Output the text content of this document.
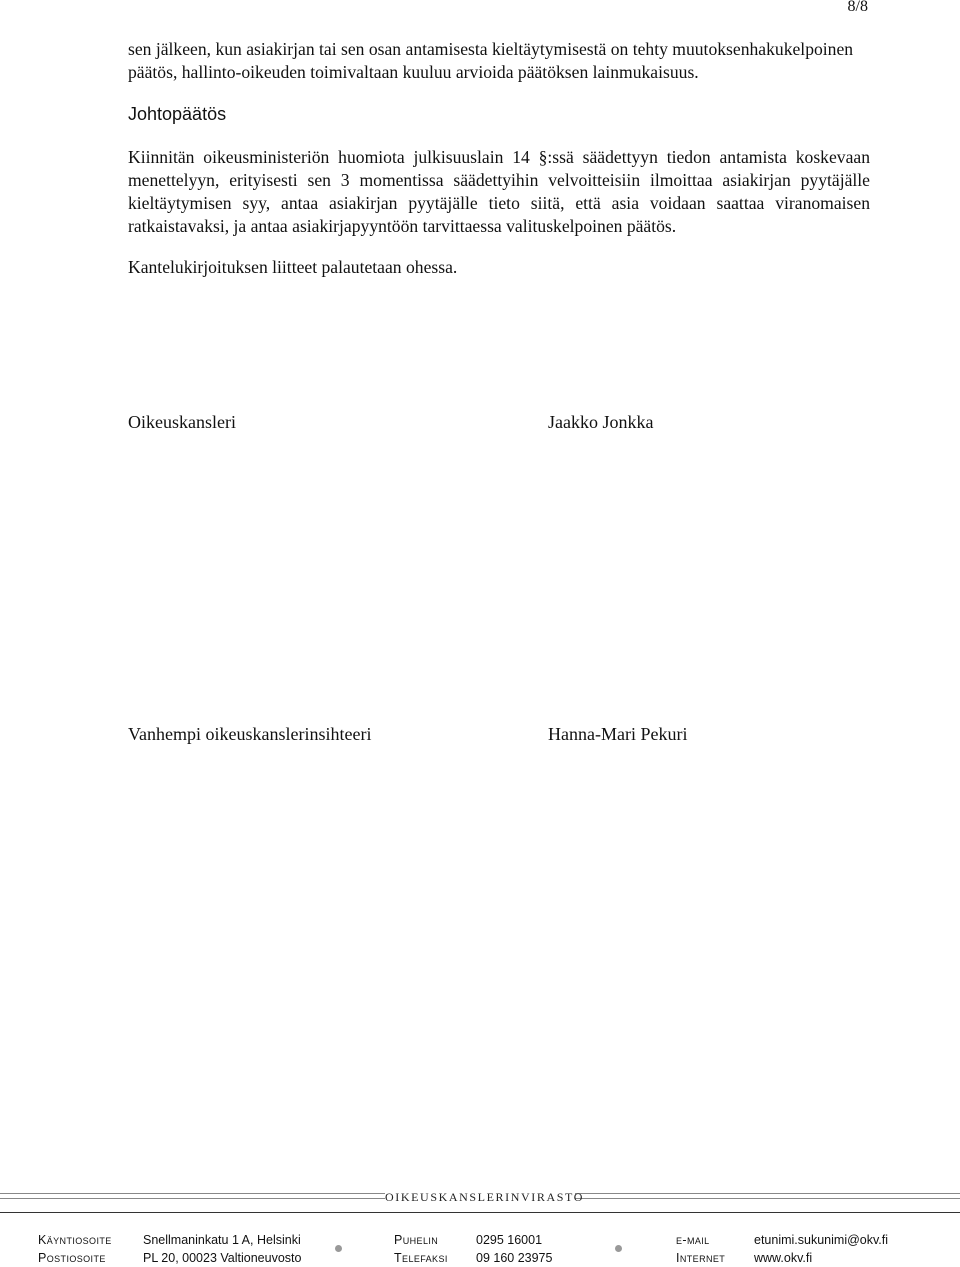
8/8
sen jälkeen, kun asiakirjan tai sen osan antamisesta kieltäytymisestä on tehty muutoksenhakukelpoinen päätös, hallinto-oikeuden toimivaltaan kuuluu arvioida päätöksen lainmukaisuus.
Johtopäätös
Kiinnitän oikeusministeriön huomiota julkisuuslain 14 §:ssä säädettyyn tiedon antamista koskevaan menettelyyn, erityisesti sen 3 momentissa säädettyihin velvoitteisiin ilmoittaa asiakirjan pyytäjälle kieltäytymisen syy, antaa asiakirjan pyytäjälle tieto siitä, että asia voidaan saattaa viranomaisen ratkaistavaksi, ja antaa asiakirjapyyntöön tarvittaessa valituskelpoinen päätös.
Kantelukirjoituksen liitteet palautetaan ohessa.
Oikeuskansleri	Jaakko Jonkka
Vanhempi oikeuskanslerinsihteeri	Hanna-Mari Pekuri
OIKEUSKANSLERINVIRASTO
Käyntiosoite	Snellmaninkatu 1 A, Helsinki
Postiosoite	PL 20, 00023 Valtioneuvosto
Puhelin	0295 16001
Telefaksi 09 160 23975
e-mail	etunimi.sukunimi@okv.fi
Internet www.okv.fi
